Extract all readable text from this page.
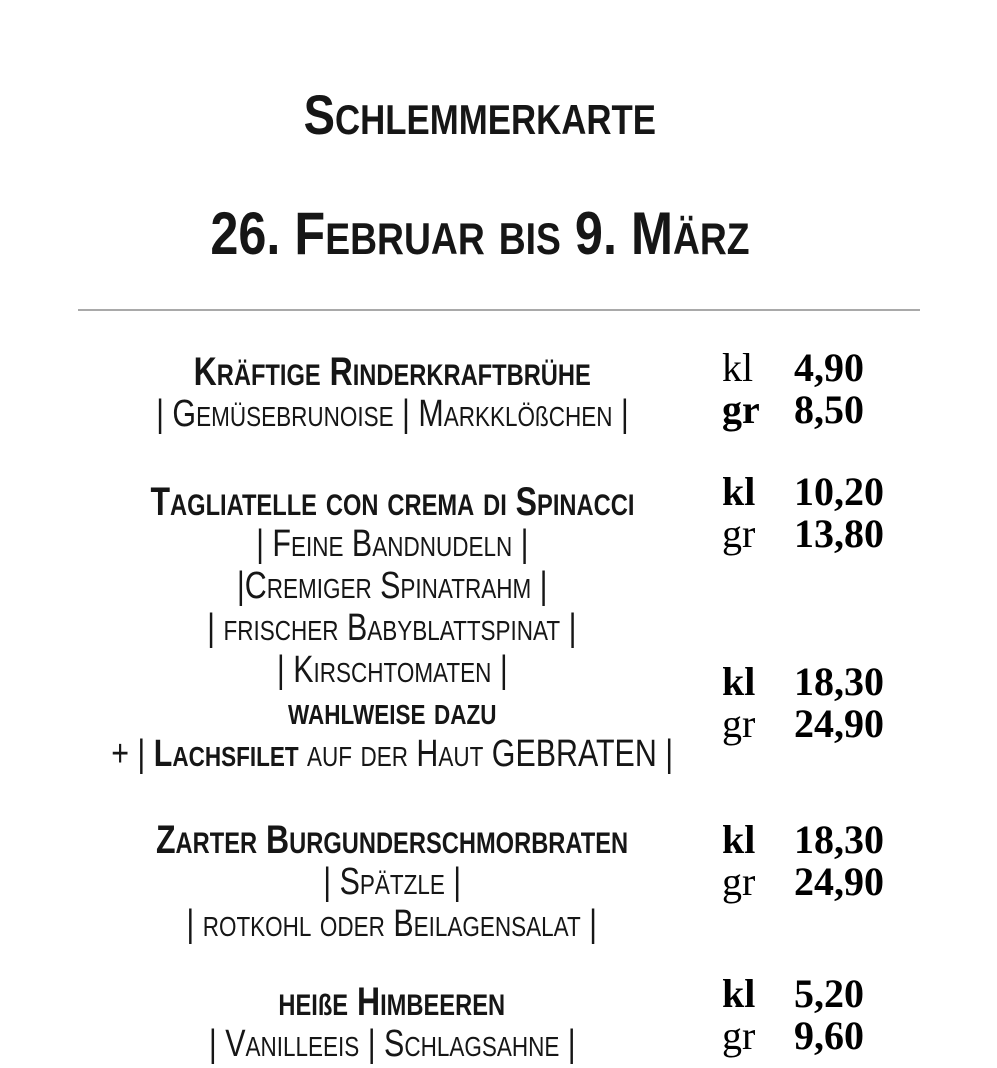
SCHLEMMERKARTE
26. FEBRUAR BIS 9. MÄRZ
KRÄFTIGE RINDERKRAFTBRÜHE
| GEMÜSEBRUNOISE | MARKKLÖßCHEN |
kl	4,90
gr 8,50
TAGLIATELLE CON CREMA DI SPINACCI
| FEINE BANDNUDELN |
|CREMIGER SPINATRAHM |
| FRISCHER BABYBLATTSPINAT |
| KIRSCHTOMATEN |
WAHLWEISE DAZU
+ | LACHSFILET AUF DER HAUT GEBRATEN |
kl 10,20
gr 13,80
kl 18,30
gr 24,90
ZARTER BURGUNDERSCHMORBRATEN
| SPÄTZLE |
| ROTKOHL ODER BEILAGENSALAT |
kl 18,30
gr 24,90
HEIßE HIMBEEREN
| VANILLEEIS | SCHLAGSAHNE |
kl 5,20
gr 9,60
